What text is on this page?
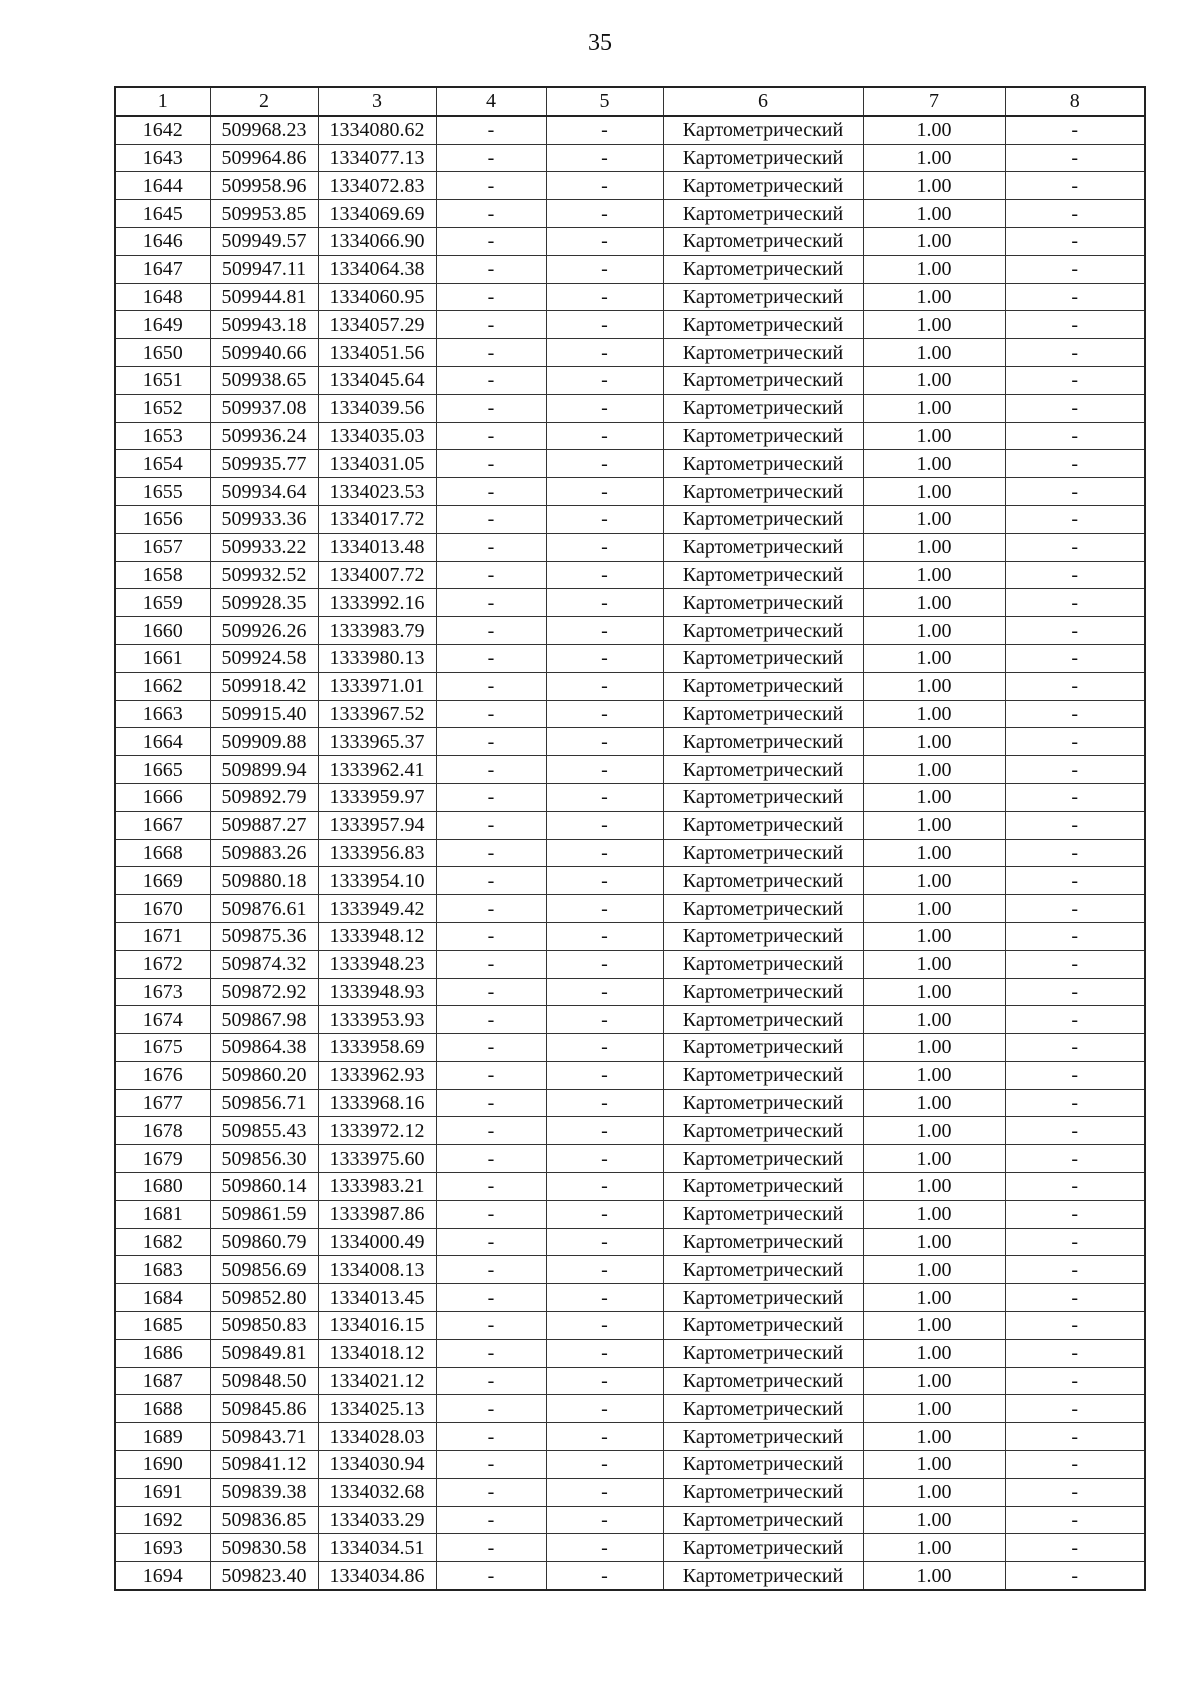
35
1	2	3	4	5	6	7	8
1642	509968.23	1334080.62	-	-	Картометрический	1.00	-
1643	509964.86	1334077.13	-	-	Картометрический	1.00	-
1644	509958.96	1334072.83	-	-	Картометрический	1.00	-
1645	509953.85	1334069.69	-	-	Картометрический	1.00	-
1646	509949.57	1334066.90	-	-	Картометрический	1.00	-
1647	509947.11	1334064.38	-	-	Картометрический	1.00	-
1648	509944.81	1334060.95	-	-	Картометрический	1.00	-
1649	509943.18	1334057.29	-	-	Картометрический	1.00	-
1650	509940.66	1334051.56	-	-	Картометрический	1.00	-
1651	509938.65	1334045.64	-	-	Картометрический	1.00	-
1652	509937.08	1334039.56	-	-	Картометрический	1.00	-
1653	509936.24	1334035.03	-	-	Картометрический	1.00	-
1654	509935.77	1334031.05	-	-	Картометрический	1.00	-
1655	509934.64	1334023.53	-	-	Картометрический	1.00	-
1656	509933.36	1334017.72	-	-	Картометрический	1.00	-
1657	509933.22	1334013.48	-	-	Картометрический	1.00	-
1658	509932.52	1334007.72	-	-	Картометрический	1.00	-
1659	509928.35	1333992.16	-	-	Картометрический	1.00	-
1660	509926.26	1333983.79	-	-	Картометрический	1.00	-
1661	509924.58	1333980.13	-	-	Картометрический	1.00	-
1662	509918.42	1333971.01	-	-	Картометрический	1.00	-
1663	509915.40	1333967.52	-	-	Картометрический	1.00	-
1664	509909.88	1333965.37	-	-	Картометрический	1.00	-
1665	509899.94	1333962.41	-	-	Картометрический	1.00	-
1666	509892.79	1333959.97	-	-	Картометрический	1.00	-
1667	509887.27	1333957.94	-	-	Картометрический	1.00	-
1668	509883.26	1333956.83	-	-	Картометрический	1.00	-
1669	509880.18	1333954.10	-	-	Картометрический	1.00	-
1670	509876.61	1333949.42	-	-	Картометрический	1.00	-
1671	509875.36	1333948.12	-	-	Картометрический	1.00	-
1672	509874.32	1333948.23	-	-	Картометрический	1.00	-
1673	509872.92	1333948.93	-	-	Картометрический	1.00	-
1674	509867.98	1333953.93	-	-	Картометрический	1.00	-
1675	509864.38	1333958.69	-	-	Картометрический	1.00	-
1676	509860.20	1333962.93	-	-	Картометрический	1.00	-
1677	509856.71	1333968.16	-	-	Картометрический	1.00	-
1678	509855.43	1333972.12	-	-	Картометрический	1.00	-
1679	509856.30	1333975.60	-	-	Картометрический	1.00	-
1680	509860.14	1333983.21	-	-	Картометрический	1.00	-
1681	509861.59	1333987.86	-	-	Картометрический	1.00	-
1682	509860.79	1334000.49	-	-	Картометрический	1.00	-
1683	509856.69	1334008.13	-	-	Картометрический	1.00	-
1684	509852.80	1334013.45	-	-	Картометрический	1.00	-
1685	509850.83	1334016.15	-	-	Картометрический	1.00	-
1686	509849.81	1334018.12	-	-	Картометрический	1.00	-
1687	509848.50	1334021.12	-	-	Картометрический	1.00	-
1688	509845.86	1334025.13	-	-	Картометрический	1.00	-
1689	509843.71	1334028.03	-	-	Картометрический	1.00	-
1690	509841.12	1334030.94	-	-	Картометрический	1.00	-
1691	509839.38	1334032.68	-	-	Картометрический	1.00	-
1692	509836.85	1334033.29	-	-	Картометрический	1.00	-
1693	509830.58	1334034.51	-	-	Картометрический	1.00	-
1694	509823.40	1334034.86	-	-	Картометрический	1.00	-
